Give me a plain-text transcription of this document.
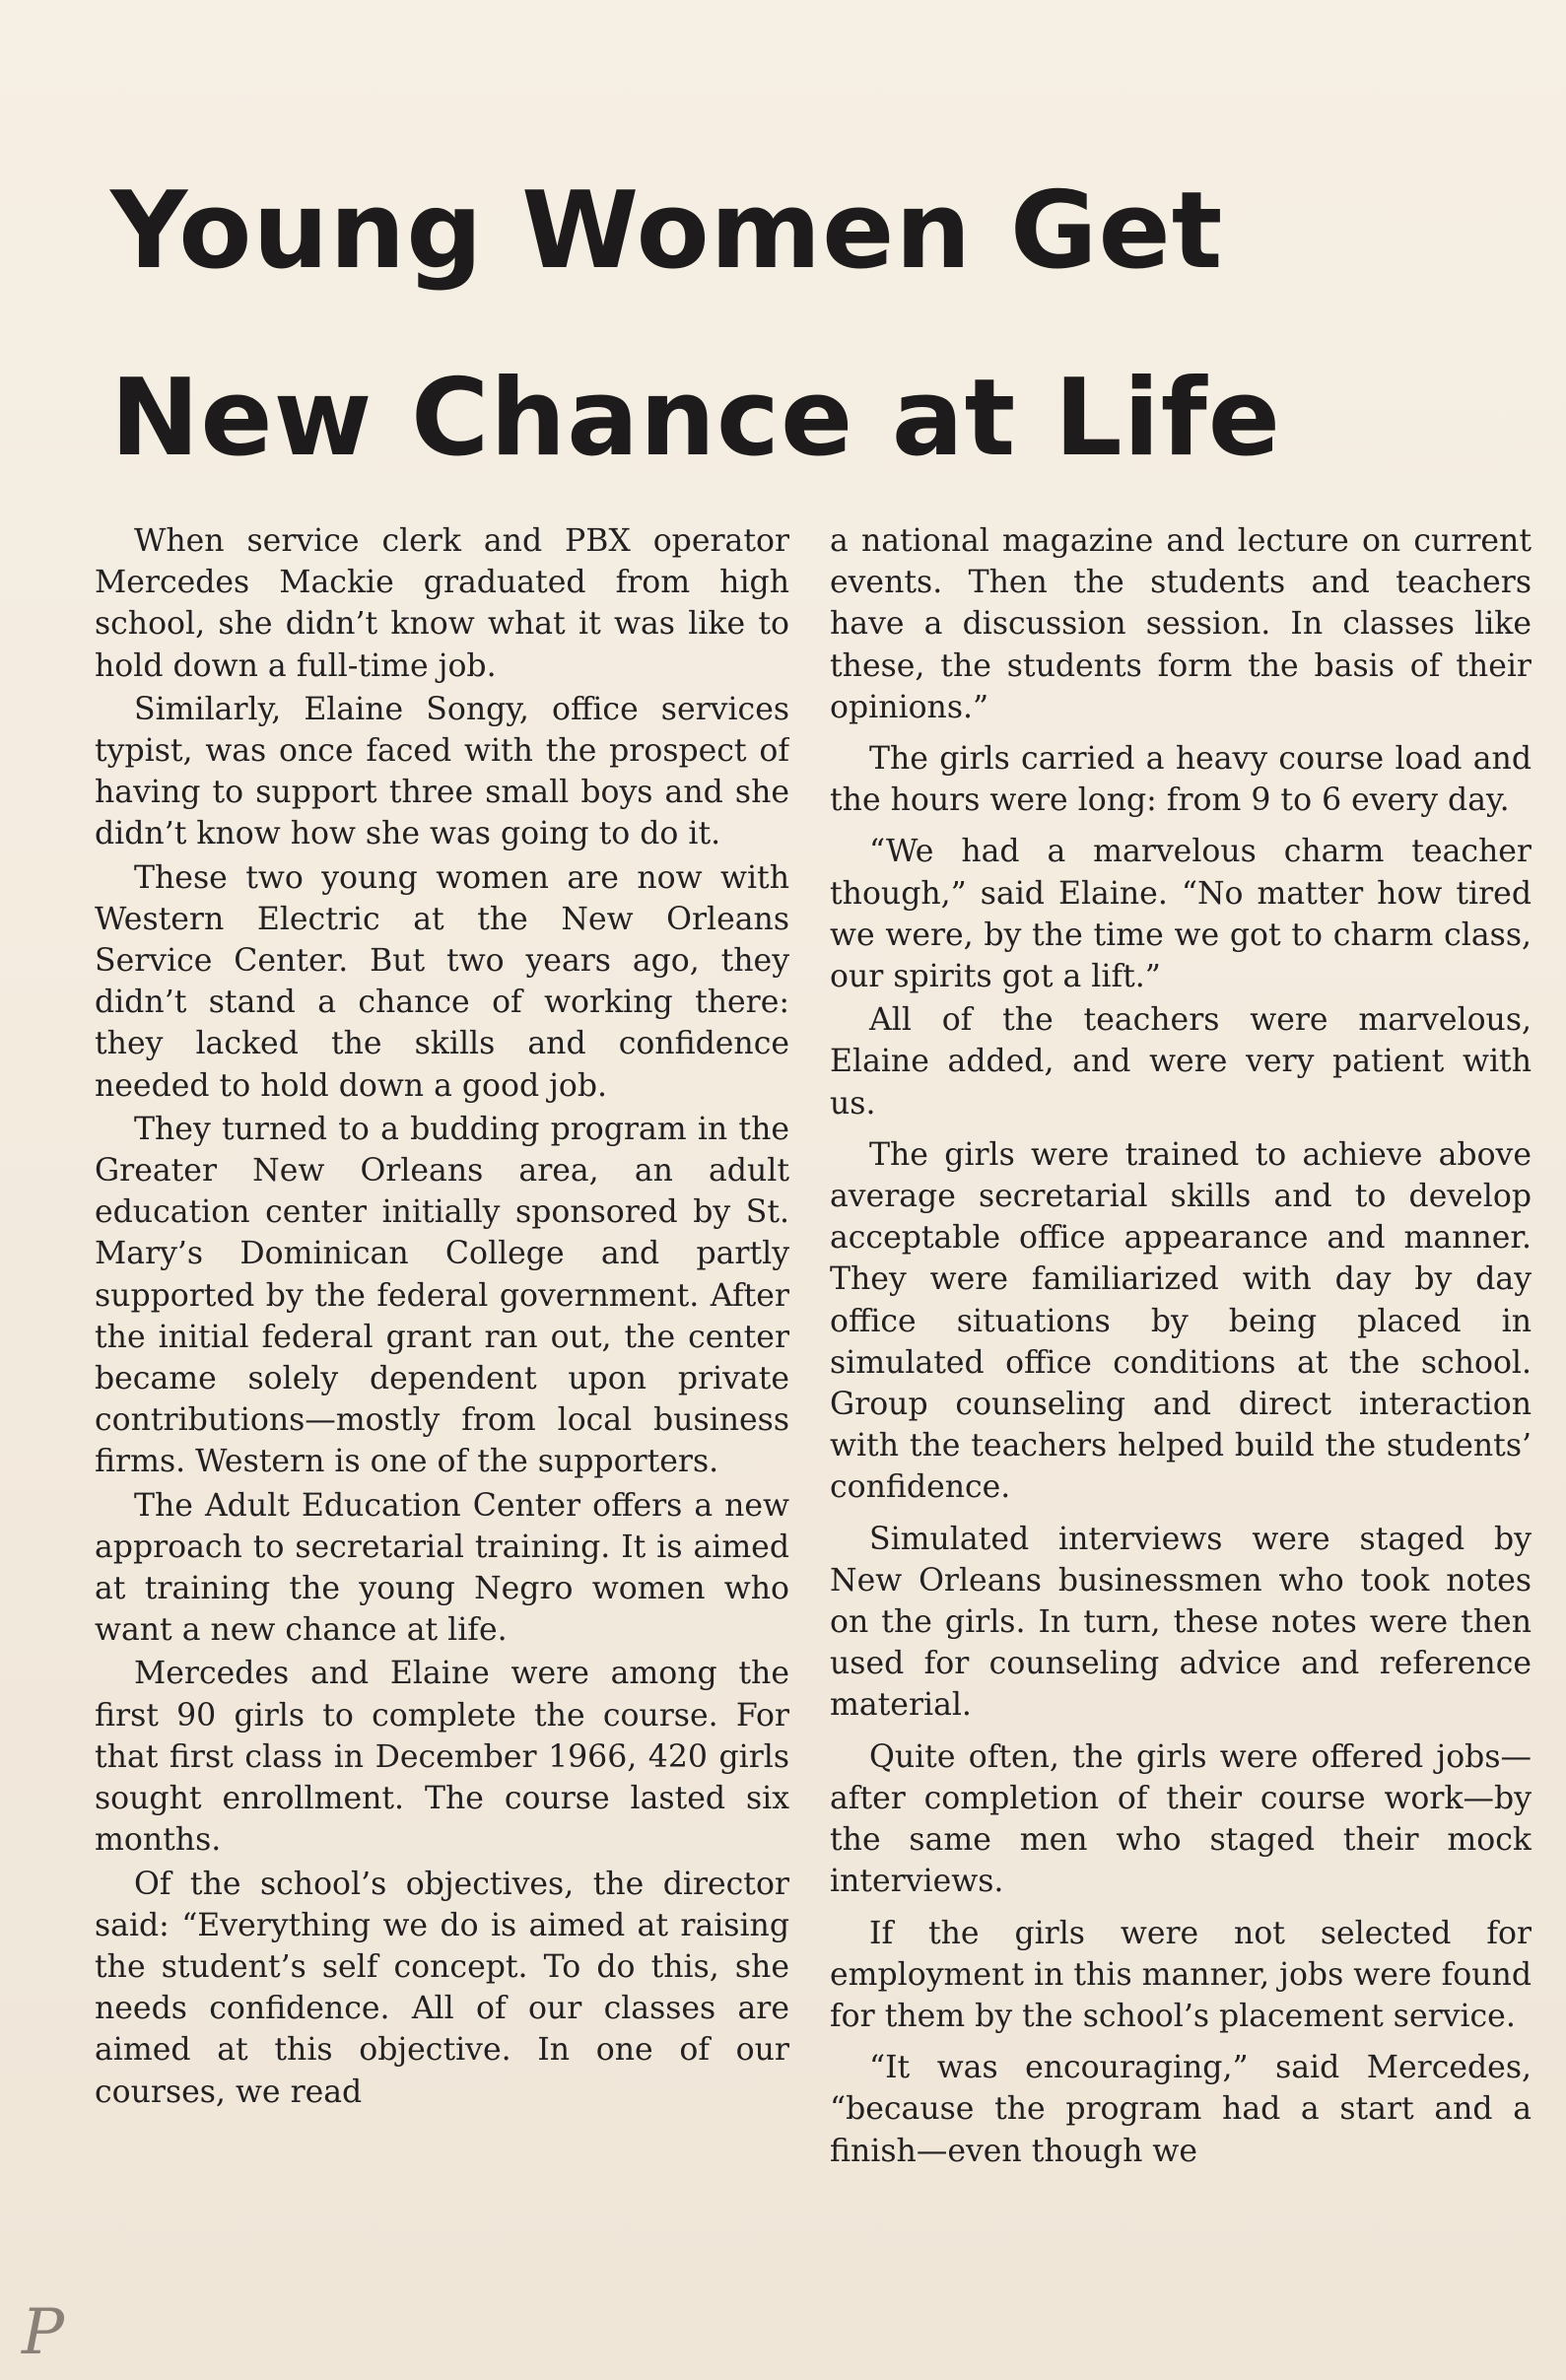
Young Women Get
New Chance at Life

When service clerk and PBX operator Mercedes Mackie graduated from high school, she didn’t know what it was like to hold down a full-time job.

Similarly, Elaine Songy, office services typist, was once faced with the prospect of having to support three small boys and she didn’t know how she was going to do it.

These two young women are now with Western Electric at the New Orleans Service Center. But two years ago, they didn’t stand a chance of working there: they lacked the skills and confidence needed to hold down a good job.

They turned to a budding program in the Greater New Orleans area, an adult education center initially sponsored by St. Mary’s Dominican College and partly supported by the federal government. After the initial federal grant ran out, the center became solely dependent upon private contributions—mostly from local business firms. Western is one of the supporters.

The Adult Education Center offers a new approach to secretarial training. It is aimed at training the young Negro women who want a new chance at life.

Mercedes and Elaine were among the first 90 girls to complete the course. For that first class in December 1966, 420 girls sought enrollment. The course lasted six months.

Of the school’s objectives, the director said: “Everything we do is aimed at raising the student’s self concept. To do this, she needs confidence. All of our classes are aimed at this objective. In one of our courses, we read

a national magazine and lecture on current events. Then the students and teachers have a discussion session. In classes like these, the students form the basis of their opinions.”

The girls carried a heavy course load and the hours were long: from 9 to 6 every day.

“We had a marvelous charm teacher though,” said Elaine. “No matter how tired we were, by the time we got to charm class, our spirits got a lift.”

All of the teachers were marvelous, Elaine added, and were very patient with us.

The girls were trained to achieve above average secretarial skills and to develop acceptable office appearance and manner. They were familiarized with day by day office situations by being placed in simulated office conditions at the school. Group counseling and direct interaction with the teachers helped build the students’ confidence.

Simulated interviews were staged by New Orleans businessmen who took notes on the girls. In turn, these notes were then used for counseling advice and reference material.

Quite often, the girls were offered jobs—after completion of their course work—by the same men who staged their mock interviews.

If the girls were not selected for employment in this manner, jobs were found for them by the school’s placement service.

“It was encouraging,” said Mercedes, “because the program had a start and a finish—even though we

P
